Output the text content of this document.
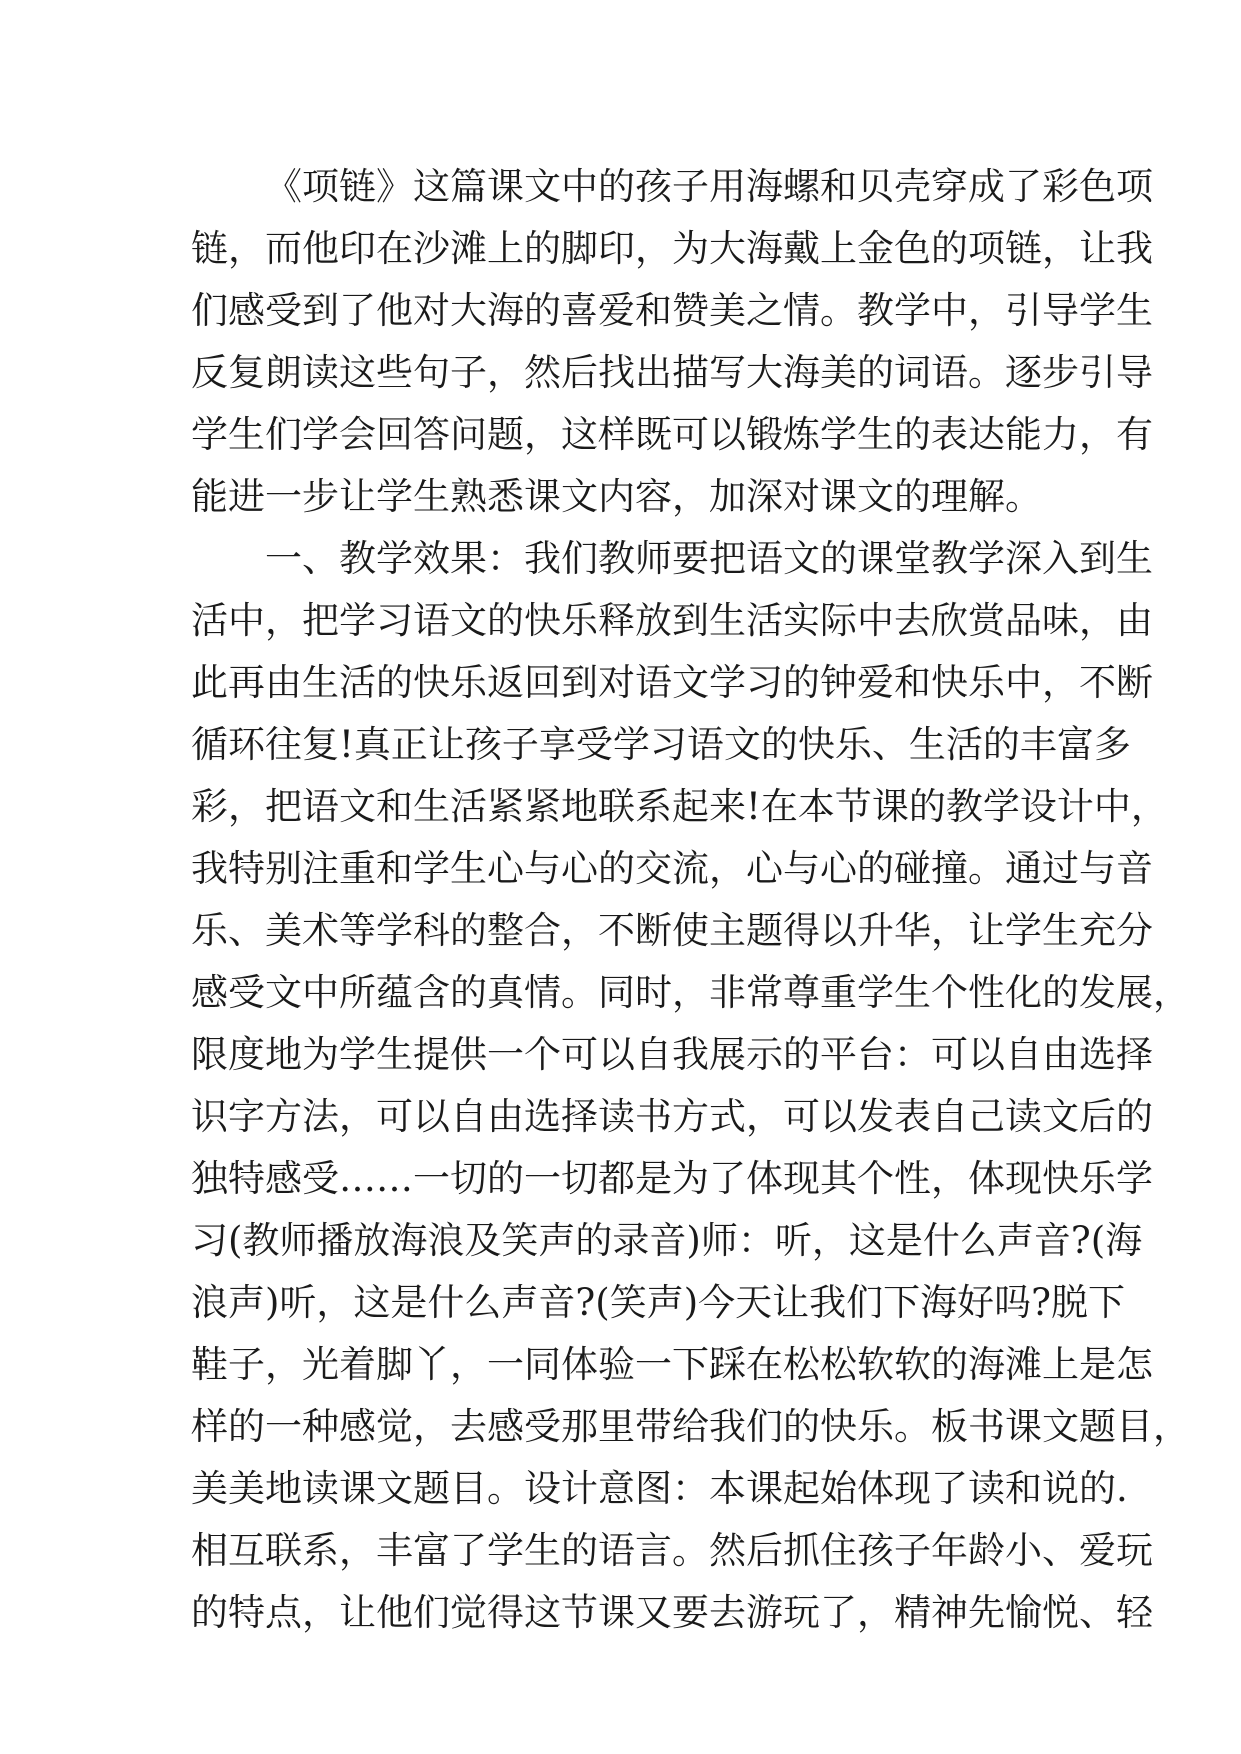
《项链》这篇课文中的孩子用海螺和贝壳穿成了彩色项
链，而他印在沙滩上的脚印，为大海戴上金色的项链，让我
们感受到了他对大海的喜爱和赞美之情。教学中，引导学生
反复朗读这些句子，然后找出描写大海美的词语。逐步引导
学生们学会回答问题，这样既可以锻炼学生的表达能力，有
能进一步让学生熟悉课文内容，加深对课文的理解。
一、教学效果：我们教师要把语文的课堂教学深入到生
活中，把学习语文的快乐释放到生活实际中去欣赏品味，由
此再由生活的快乐返回到对语文学习的钟爱和快乐中，不断
循环往复!真正让孩子享受学习语文的快乐、生活的丰富多
彩，把语文和生活紧紧地联系起来!在本节课的教学设计中，
我特别注重和学生心与心的交流，心与心的碰撞。通过与音
乐、美术等学科的整合，不断使主题得以升华，让学生充分
感受文中所蕴含的真情。同时，非常尊重学生个性化的发展，
限度地为学生提供一个可以自我展示的平台：可以自由选择
识字方法，可以自由选择读书方式，可以发表自己读文后的
独特感受……一切的一切都是为了体现其个性，体现快乐学
习(教师播放海浪及笑声的录音)师：听，这是什么声音?(海
浪声)听，这是什么声音?(笑声)今天让我们下海好吗?脱下
鞋子，光着脚丫，一同体验一下踩在松松软软的海滩上是怎
样的一种感觉，去感受那里带给我们的快乐。板书课文题目，
美美地读课文题目。设计意图：本课起始体现了读和说的.
相互联系，丰富了学生的语言。然后抓住孩子年龄小、爱玩
的特点，让他们觉得这节课又要去游玩了，精神先愉悦、轻
